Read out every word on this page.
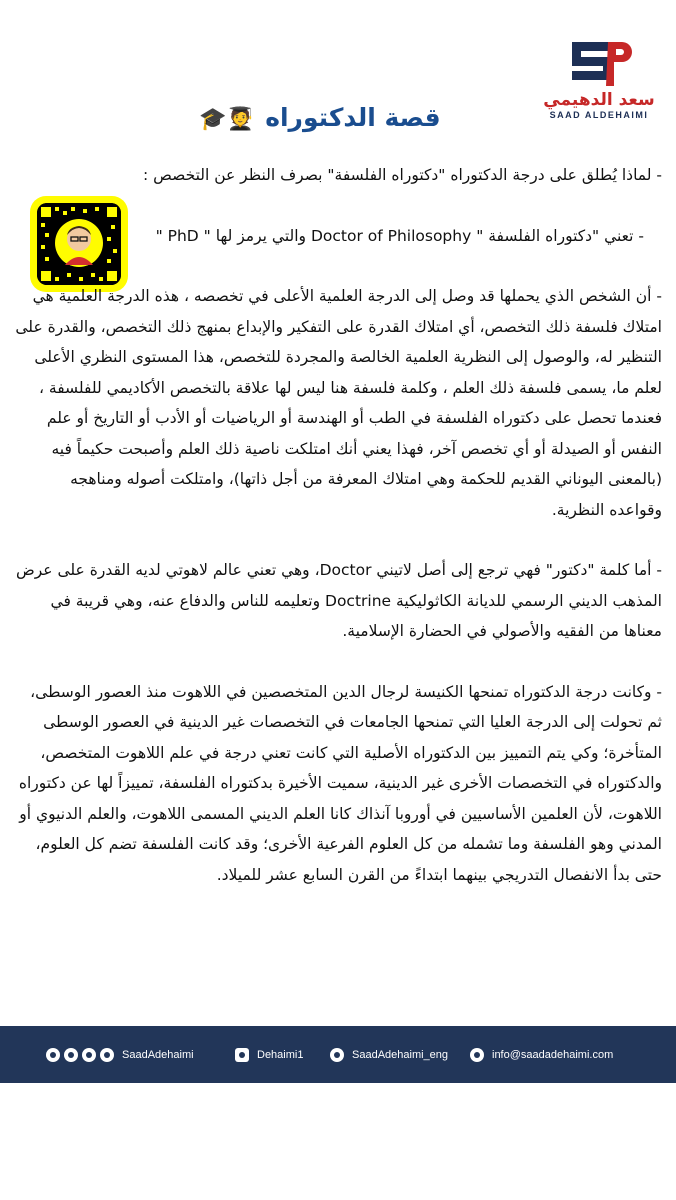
سعد الدهيمي
SAAD ALDEHAIMI
قصة الدكتوراه 🧑‍🎓🎓

- لماذا يُطلق على درجة الدكتوراه "دكتوراه الفلسفة" بصرف النظر عن التخصص :

- تعني "دكتوراه الفلسفة " Doctor of Philosophy والتي يرمز لها " PhD "

- أن الشخص الذي يحملها قد وصل إلى الدرجة العلمية الأعلى في تخصصه ، هذه الدرجة العلمية هي امتلاك فلسفة ذلك التخصص، أي امتلاك القدرة على التفكير والإبداع بمنهج ذلك التخصص، والقدرة على التنظير له، والوصول إلى النظرية العلمية الخالصة والمجردة للتخصص، هذا المستوى النظري الأعلى لعلم ما، يسمى فلسفة ذلك العلم ، وكلمة فلسفة هنا ليس لها علاقة بالتخصص الأكاديمي للفلسفة ، فعندما تحصل على دكتوراه الفلسفة في الطب أو الهندسة أو الرياضيات أو الأدب أو التاريخ أو علم النفس أو الصيدلة أو أي تخصص آخر، فهذا يعني أنك امتلكت ناصية ذلك العلم وأصبحت حكيماً فيه (بالمعنى اليوناني القديم للحكمة وهي امتلاك المعرفة من أجل ذاتها)، وامتلكت أصوله ومناهجه وقواعده النظرية.

- أما كلمة "دكتور" فهي ترجع إلى أصل لاتيني Doctor، وهي تعني عالم لاهوتي لديه القدرة على عرض المذهب الديني الرسمي للديانة الكاثوليكية Doctrine وتعليمه للناس والدفاع عنه، وهي قريبة في معناها من الفقيه والأصولي في الحضارة الإسلامية.

- وكانت درجة الدكتوراه تمنحها الكنيسة لرجال الدين المتخصصين في اللاهوت منذ العصور الوسطى، ثم تحولت إلى الدرجة العليا التي تمنحها الجامعات في التخصصات غير الدينية في العصور الوسطى المتأخرة؛ وكي يتم التمييز بين الدكتوراه الأصلية التي كانت تعني درجة في علم اللاهوت المتخصص، والدكتوراه في التخصصات الأخرى غير الدينية، سميت الأخيرة بدكتوراه الفلسفة، تمييزاً لها عن دكتوراه اللاهوت، لأن العلمين الأساسيين في أوروبا آنذاك كانا العلم الديني المسمى اللاهوت، والعلم الدنيوي أو المدني وهو الفلسفة وما تشمله من كل العلوم الفرعية الأخرى؛ وقد كانت الفلسفة تضم كل العلوم، حتى بدأ الانفصال التدريجي بينهما ابتداءً من القرن السابع عشر للميلاد.

SaadAdehaimi	Dehaimi1	SaadAdehaimi_eng	info@saadadehaimi.com
